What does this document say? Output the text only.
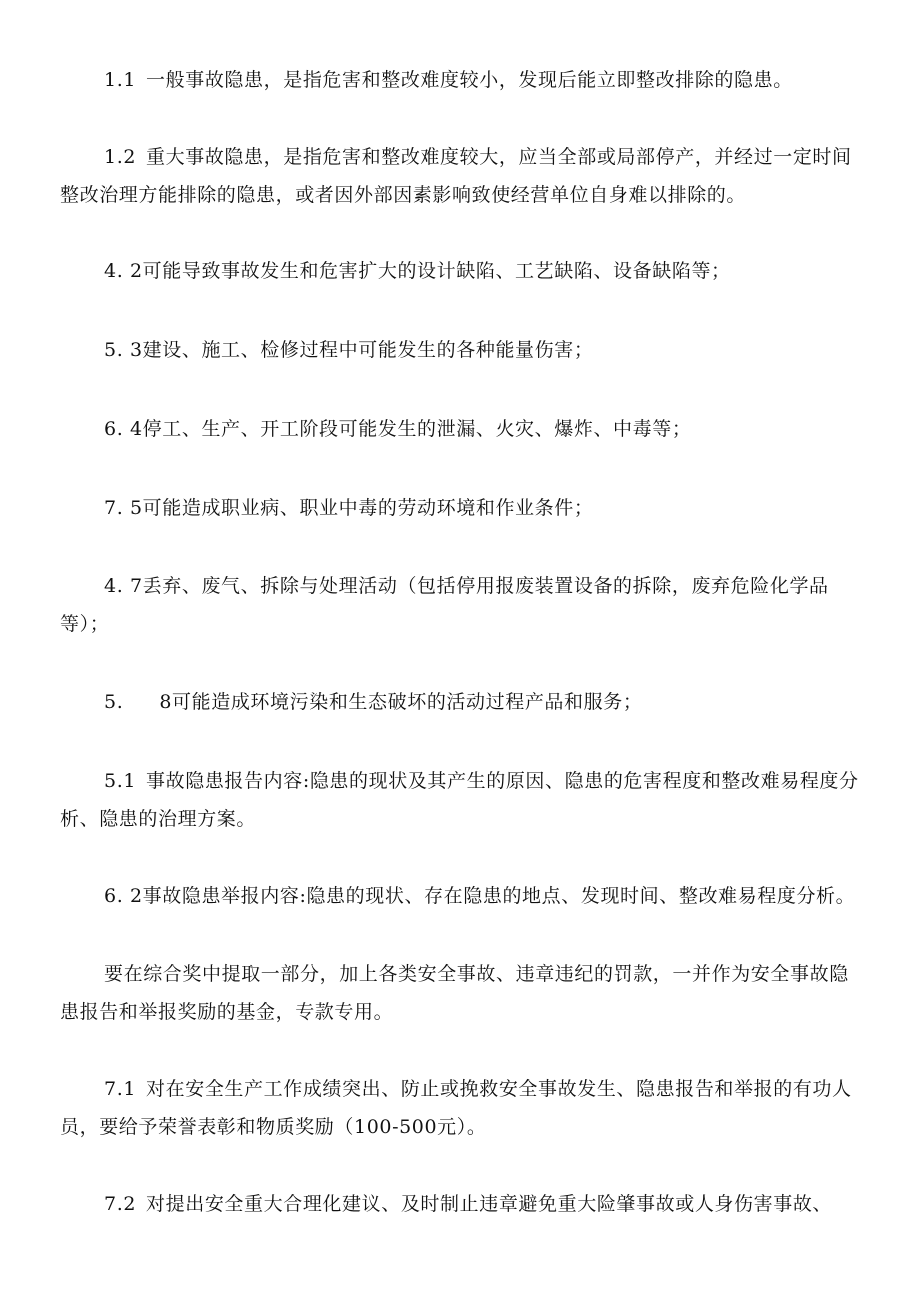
1.1 一般事故隐患，是指危害和整改难度较小，发现后能立即整改排除的隐患。

1.2 重大事故隐患，是指危害和整改难度较大，应当全部或局部停产，并经过一定时间整改治理方能排除的隐患，或者因外部因素影响致使经营单位自身难以排除的。

4. 2可能导致事故发生和危害扩大的设计缺陷、工艺缺陷、设备缺陷等；

5. 3建设、施工、检修过程中可能发生的各种能量伤害；

6. 4停工、生产、开工阶段可能发生的泄漏、火灾、爆炸、中毒等；

7. 5可能造成职业病、职业中毒的劳动环境和作业条件；

4. 7丢弃、废气、拆除与处理活动（包括停用报废装置设备的拆除，废弃危险化学品等）；

5. 8可能造成环境污染和生态破坏的活动过程产品和服务；

5.1 事故隐患报告内容:隐患的现状及其产生的原因、隐患的危害程度和整改难易程度分析、隐患的治理方案。

6. 2事故隐患举报内容:隐患的现状、存在隐患的地点、发现时间、整改难易程度分析。

要在综合奖中提取一部分，加上各类安全事故、违章违纪的罚款，一并作为安全事故隐患报告和举报奖励的基金，专款专用。

7.1 对在安全生产工作成绩突出、防止或挽救安全事故发生、隐患报告和举报的有功人员，要给予荣誉表彰和物质奖励（100-500元）。

7.2 对提出安全重大合理化建议、及时制止违章避免重大险肇事故或人身伤害事故、
